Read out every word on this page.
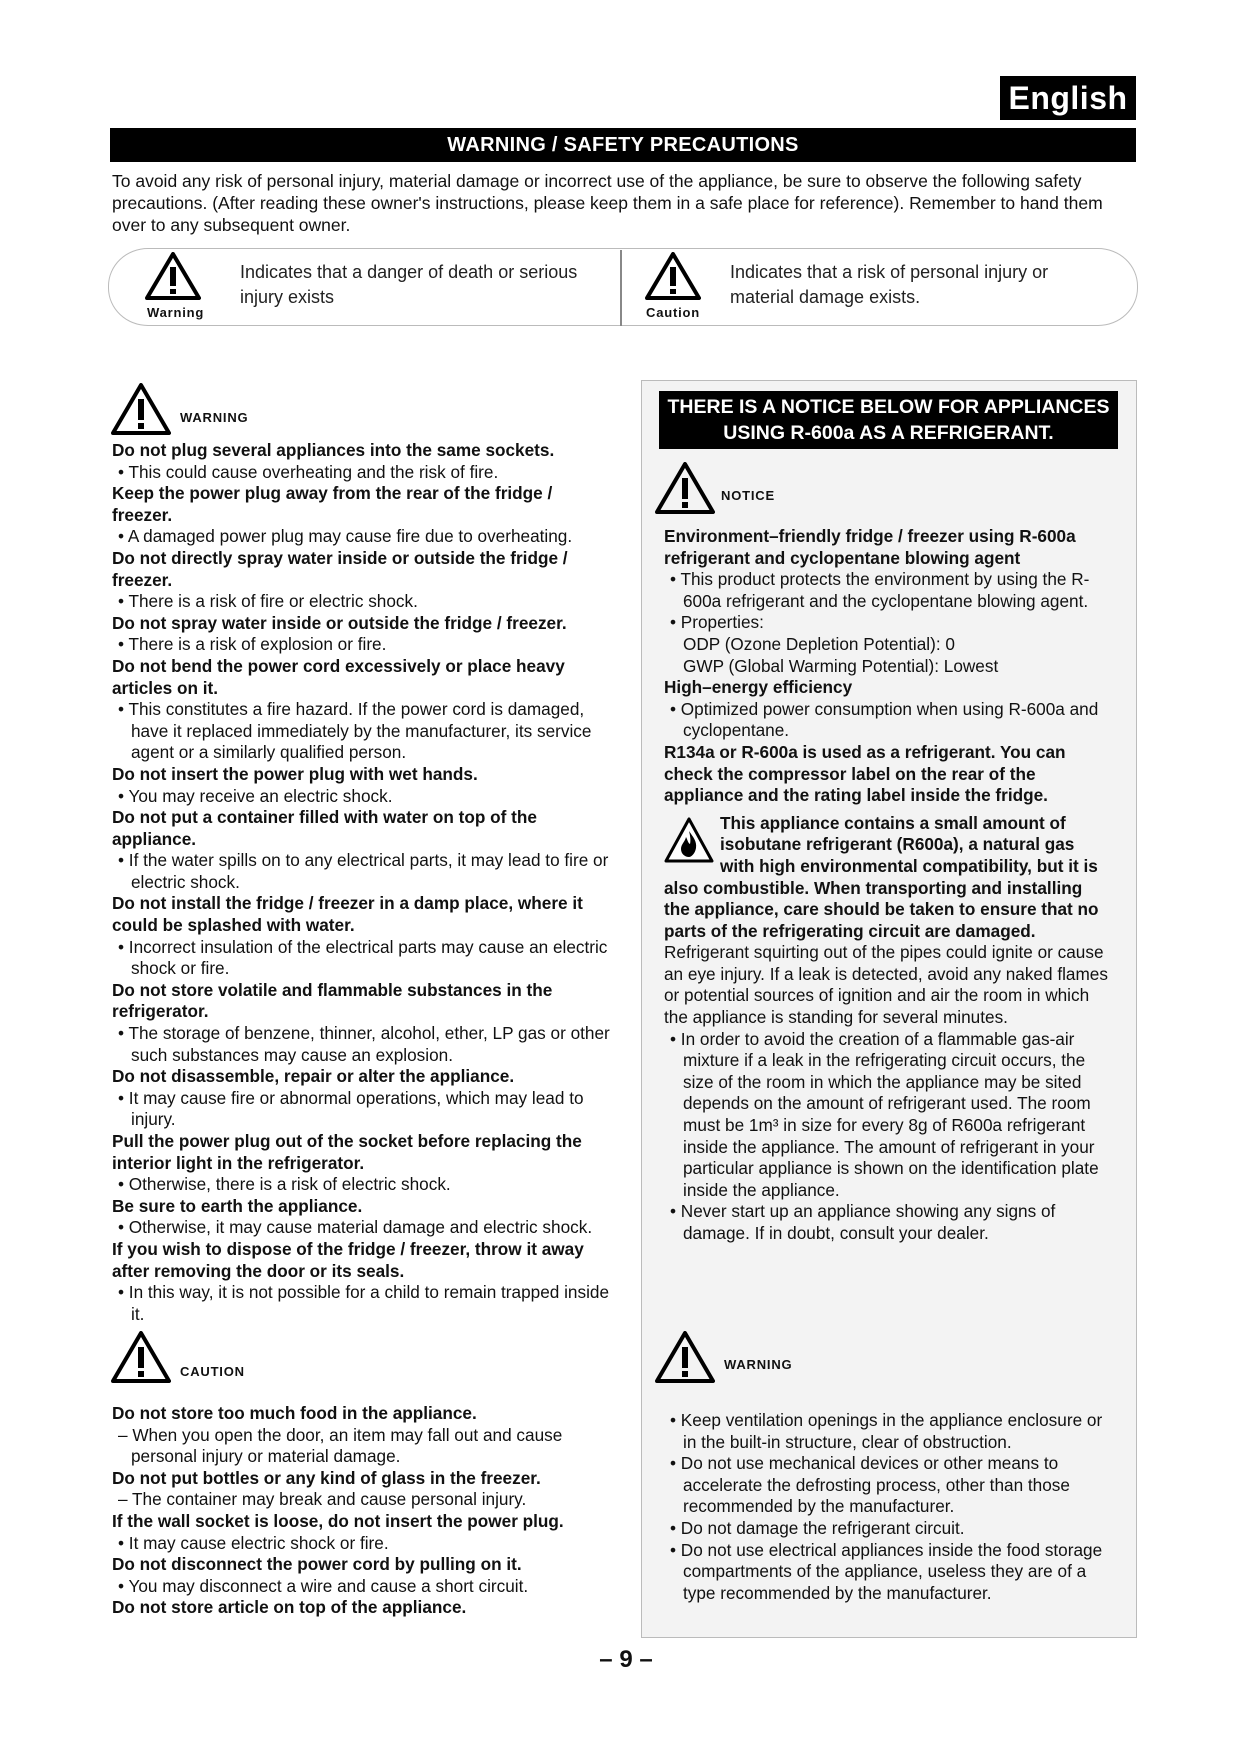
English
WARNING / SAFETY PRECAUTIONS
To avoid any risk of personal injury, material damage or incorrect use of the appliance, be sure to observe the following safety precautions. (After reading these owner's instructions, please keep them in a safe place for reference). Remember to hand them over to any subsequent owner.
Warning
Indicates that a danger of death or serious injury exists
Caution
Indicates that a risk of personal injury or material damage exists.
WARNING
Do not plug several appliances into the same sockets.
• This could cause overheating and the risk of fire.
Keep the power plug away from the rear of the fridge / freezer.
• A damaged power plug may cause fire due to overheating.
Do not directly spray water inside or outside the fridge / freezer.
• There is a risk of fire or electric shock.
Do not spray water inside or outside the fridge / freezer.
• There is a risk of explosion or fire.
Do not bend the power cord excessively or place heavy articles on it.
• This constitutes a fire hazard. If the power cord is damaged, have it replaced immediately by the manufacturer, its service agent or a similarly qualified person.
Do not insert the power plug with wet hands.
• You may receive an electric shock.
Do not put a container filled with water on top of the appliance.
• If the water spills on to any electrical parts, it may lead to fire or electric shock.
Do not install the fridge / freezer in a damp place, where it could be splashed with water.
• Incorrect insulation of the electrical parts may cause an electric shock or fire.
Do not store volatile and flammable substances in the refrigerator.
• The storage of benzene, thinner, alcohol, ether, LP gas or other such substances may cause an explosion.
Do not disassemble, repair or alter the appliance.
• It may cause fire or abnormal operations, which may lead to injury.
Pull the power plug out of the socket before replacing the interior light in the refrigerator.
• Otherwise, there is a risk of electric shock.
Be sure to earth the appliance.
• Otherwise, it may cause material damage and electric shock.
If you wish to dispose of the fridge / freezer, throw it away after removing the door or its seals.
• In this way, it is not possible for a child to remain trapped inside it.
CAUTION
Do not store too much food in the appliance.
– When you open the door, an item may fall out and cause personal injury or material damage.
Do not put bottles or any kind of glass in the freezer.
– The container may break and cause personal injury.
If the wall socket is loose, do not insert the power plug.
• It may cause electric shock or fire.
Do not disconnect the power cord by pulling on it.
• You may disconnect a wire and cause a short circuit.
Do not store article on top of the appliance.
THERE IS A NOTICE BELOW FOR APPLIANCES
USING R-600a AS A REFRIGERANT.
NOTICE
Environment–friendly fridge / freezer using R-600a refrigerant and cyclopentane blowing agent
• This product protects the environment by using the R-600a refrigerant and the cyclopentane blowing agent.
• Properties:
ODP (Ozone Depletion Potential): 0
GWP (Global Warming Potential): Lowest
High–energy efficiency
• Optimized power consumption when using R-600a and cyclopentane.
R134a or R-600a is used as a refrigerant. You can check the compressor label on the rear of the appliance and the rating label inside the fridge.
This appliance contains a small amount of isobutane refrigerant (R600a), a natural gas with high environmental compatibility, but it is also combustible. When transporting and installing the appliance, care should be taken to ensure that no parts of the refrigerating circuit are damaged.
Refrigerant squirting out of the pipes could ignite or cause an eye injury. If a leak is detected, avoid any naked flames or potential sources of ignition and air the room in which the appliance is standing for several minutes.
• In order to avoid the creation of a flammable gas-air mixture if a leak in the refrigerating circuit occurs, the size of the room in which the appliance may be sited depends on the amount of refrigerant used. The room must be 1m³ in size for every 8g of R600a refrigerant inside the appliance. The amount of refrigerant in your particular appliance is shown on the identification plate inside the appliance.
• Never start up an appliance showing any signs of damage. If in doubt, consult your dealer.
WARNING
• Keep ventilation openings in the appliance enclosure or in the built-in structure, clear of obstruction.
• Do not use mechanical devices or other means to accelerate the defrosting process, other than those recommended by the manufacturer.
• Do not damage the refrigerant circuit.
• Do not use electrical appliances inside the food storage compartments of the appliance, useless they are of a type recommended by the manufacturer.
– 9 –
